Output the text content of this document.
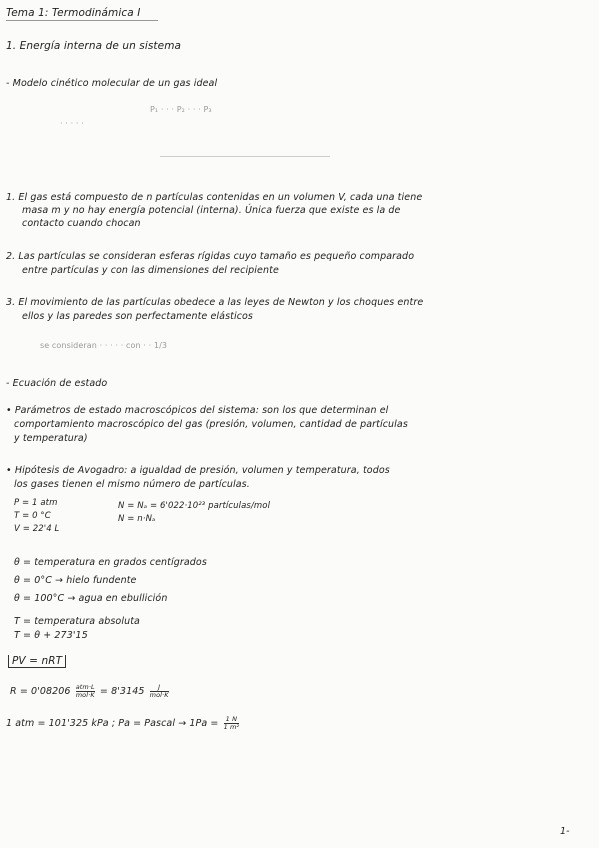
Tema 1: Termodinámica I
1. Energía interna de un sistema
- Modelo cinético molecular de un gas ideal
P₁ · · · P₂ · · · P₃
· · · · ·
1. El gas está compuesto de n partículas contenidas en un volumen V, cada una tiene
masa m y no hay energía potencial (interna). Única fuerza que existe es la de
contacto cuando chocan
2. Las partículas se consideran esferas rígidas cuyo tamaño es pequeño comparado
entre partículas y con las dimensiones del recipiente
3. El movimiento de las partículas obedece a las leyes de Newton y los choques entre
ellos y las paredes son perfectamente elásticos
se consideran · · · · · con · · 1/3
- Ecuación de estado
• Parámetros de estado macroscópicos del sistema: son los que determinan el
comportamiento macroscópico del gas (presión, volumen, cantidad de partículas
y temperatura)
• Hipótesis de Avogadro: a igualdad de presión, volumen y temperatura, todos
los gases tienen el mismo número de partículas.
P = 1 atm
T = 0 °C
V = 22'4 L
N = Nₐ = 6'022·10²³ partículas/mol
N = n·Nₐ
θ = temperatura en grados centígrados
θ = 0°C → hielo fundente
θ = 100°C → agua en ebullición
T = temperatura absoluta
T = θ + 273'15
PV = nRT
$R = 0'08206 \frac{\text{atm·L}}{\text{mol·K}} = 8'3145 \frac{J}{\text{mol·K}}$
1 atm = 101'325 kPa ; Pa = Pascal → $1Pa = \frac{1 N}{\text{1 m²}}$
1-
